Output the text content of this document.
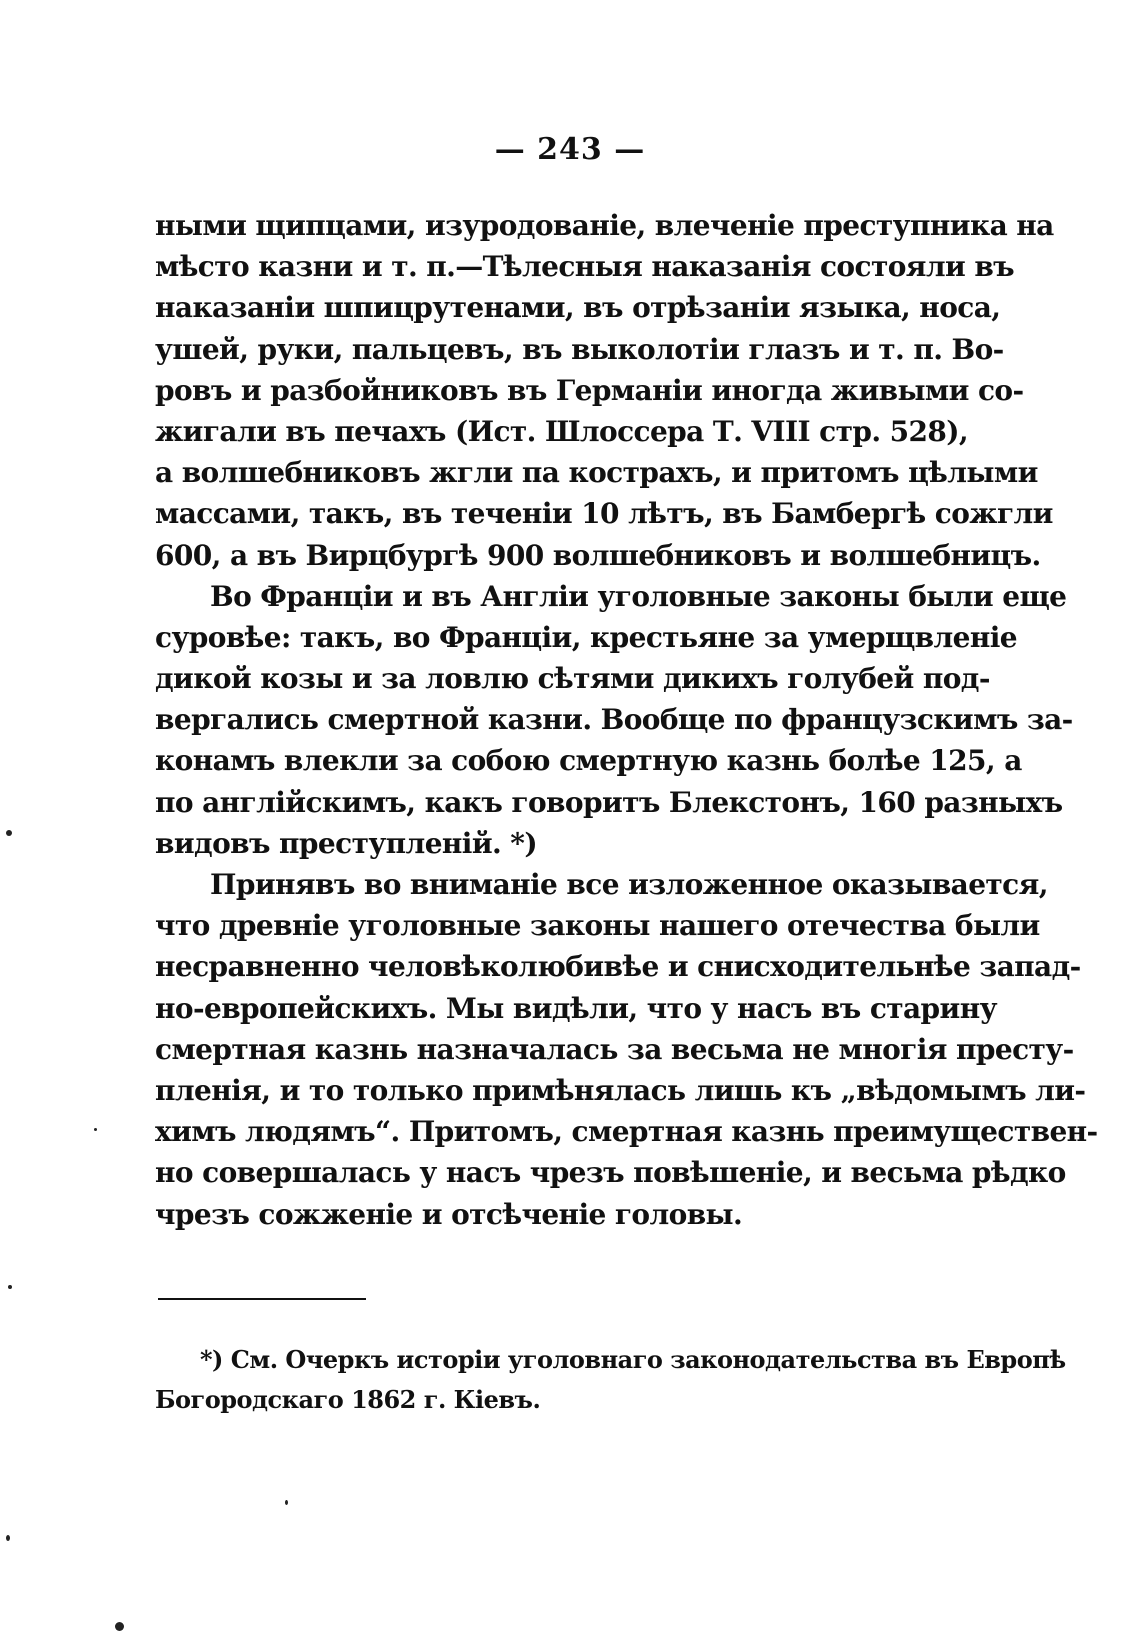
— 243 —
ными щипцами, изуродованіе, влеченіе преступника на
мѣсто казни и т. п.—Тѣлесныя наказанія состояли въ
наказаніи шпицрутенами, въ отрѣзаніи языка, носа,
ушей, руки, пальцевъ, въ выколотіи глазъ и т. п. Во-
ровъ и разбойниковъ въ Германіи иногда живыми со-
жигали въ печахъ (Ист. Шлоссера Т. VIII стр. 528),
а волшебниковъ жгли па кострахъ, и притомъ цѣлыми
массами, такъ, въ теченіи 10 лѣтъ, въ Бамбергѣ сожгли
600, а въ Вирцбургѣ 900 волшебниковъ и волшебницъ.
Во Франціи и въ Англіи уголовные законы были еще
суровѣе: такъ, во Франціи, крестьяне за умерщвленіе
дикой козы и за ловлю сѣтями дикихъ голубей под-
вергались смертной казни. Вообще по французскимъ за-
конамъ влекли за собою смертную казнь болѣе 125, а
по англійскимъ, какъ говоритъ Блекстонъ, 160 разныхъ
видовъ преступленій. *)
Принявъ во вниманіе все изложенное оказывается,
что древніе уголовные законы нашего отечества были
несравненно человѣколюбивѣе и снисходительнѣе запад-
но-европейскихъ. Мы видѣли, что у насъ въ старину
смертная казнь назначалась за весьма не многія престу-
пленія, и то только примѣнялась лишь къ „вѣдомымъ ли-
химъ людямъ“. Притомъ, смертная казнь преимуществен-
но совершалась у насъ чрезъ повѣшеніе, и весьма рѣдко
чрезъ сожженіе и отсѣченіе головы.
*) См. Очеркъ исторіи уголовнаго законодательства въ Европѣ
Богородскаго 1862 г. Кіевъ.
